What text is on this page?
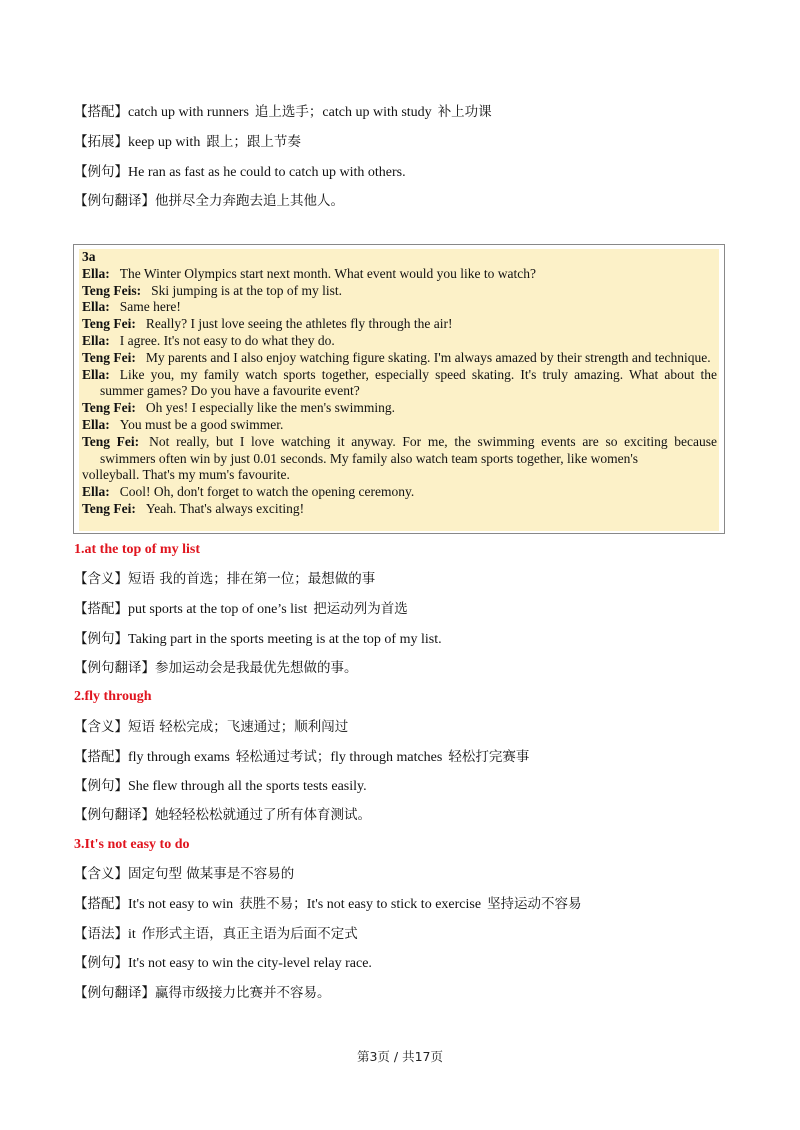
【搭配】catch up with runners 追上选手；catch up with study 补上功课
【拓展】keep up with 跟上；跟上节奏
【例句】He ran as fast as he could to catch up with others.
【例句翻译】他拼尽全力奔跑去追上其他人。
3a
Ella: The Winter Olympics start next month. What event would you like to watch?
Teng Feis: Ski jumping is at the top of my list.
Ella: Same here!
Teng Fei: Really? I just love seeing the athletes fly through the air!
Ella: I agree. It's not easy to do what they do.
Teng Fei: My parents and I also enjoy watching figure skating. I'm always amazed by their strength and technique.
Ella: Like you, my family watch sports together, especially speed skating. It's truly amazing. What about the summer games? Do you have a favourite event?
Teng Fei: Oh yes! I especially like the men's swimming.
Ella: You must be a good swimmer.
Teng Fei: Not really, but I love watching it anyway. For me, the swimming events are so exciting because swimmers often win by just 0.01 seconds. My family also watch team sports together, like women's
volleyball. That's my mum's favourite.
Ella: Cool! Oh, don't forget to watch the opening ceremony.
Teng Fei: Yeah. That's always exciting!
1.at the top of my list
【含义】短语 我的首选；排在第一位；最想做的事
【搭配】put sports at the top of one’s list 把运动列为首选
【例句】Taking part in the sports meeting is at the top of my list.
【例句翻译】参加运动会是我最优先想做的事。
2.fly through
【含义】短语 轻松完成；飞速通过；顺利闯过
【搭配】fly through exams 轻松通过考试；fly through matches 轻松打完赛事
【例句】She flew through all the sports tests easily.
【例句翻译】她轻轻松松就通过了所有体育测试。
3.It's not easy to do
【含义】固定句型 做某事是不容易的
【搭配】It's not easy to win 获胜不易；It's not easy to stick to exercise 坚持运动不容易
【语法】it 作形式主语，真正主语为后面不定式
【例句】It's not easy to win the city-level relay race.
【例句翻译】赢得市级接力比赛并不容易。
第3页 / 共17页
